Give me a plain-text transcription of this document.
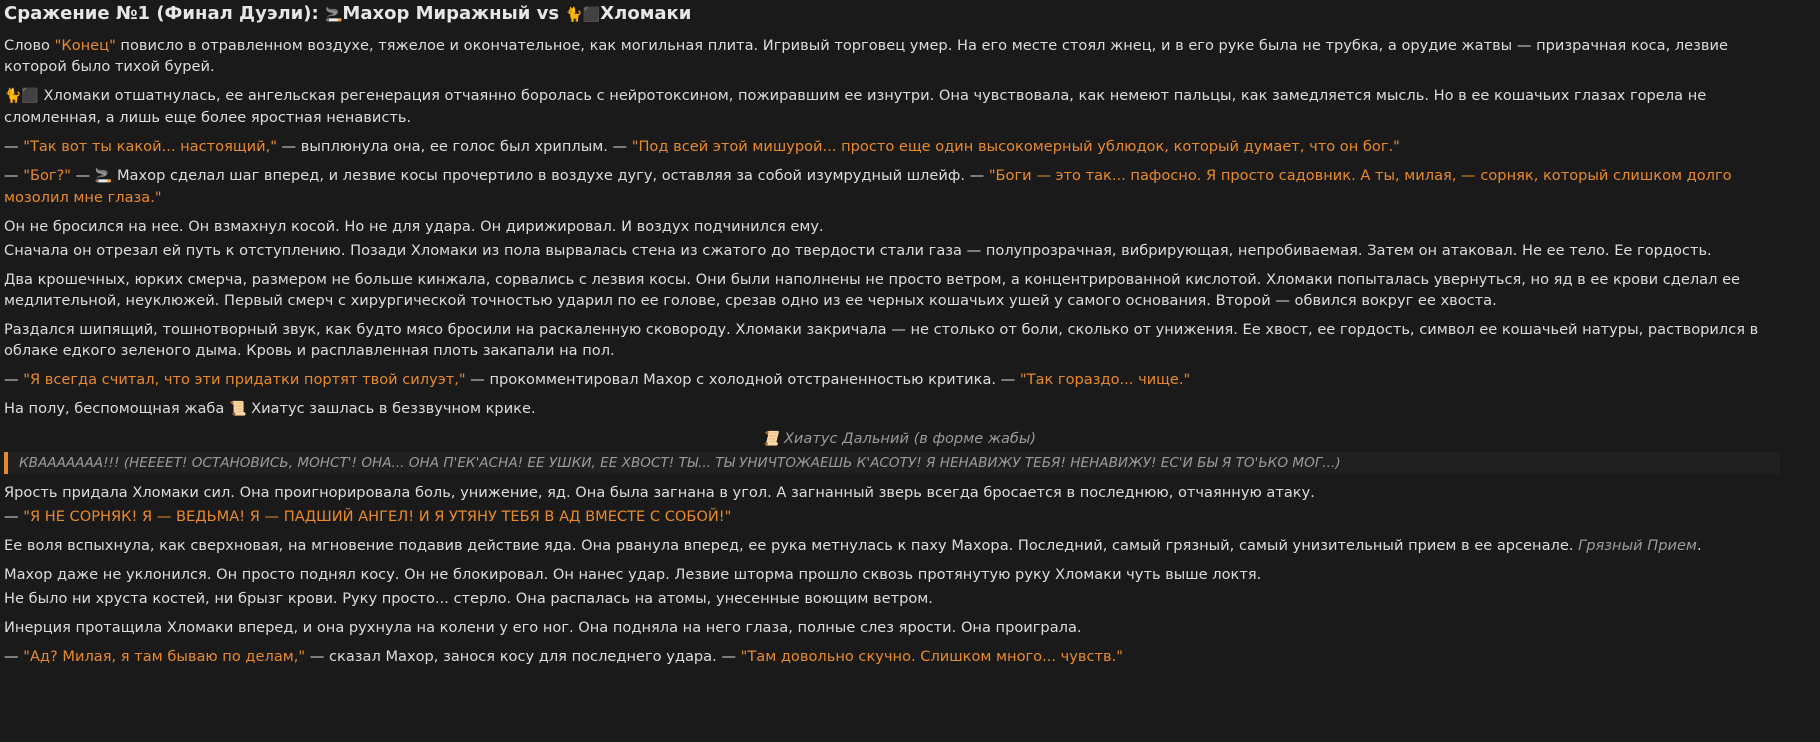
Сражение №1 (Финал Дуэли): 🚬Махор Миражный vs 🐈⬛Хломаки

Слово "Конец" повисло в отравленном воздухе, тяжелое и окончательное, как могильная плита. Игривый торговец умер. На его месте стоял жнец, и в его руке была не трубка, а орудие жатвы — призрачная коса, лезвие которой было тихой бурей.

🐈⬛ Хломаки отшатнулась, ее ангельская регенерация отчаянно боролась с нейротоксином, пожиравшим ее изнутри. Она чувствовала, как немеют пальцы, как замедляется мысль. Но в ее кошачьих глазах горела не сломленная, а лишь еще более яростная ненависть.

— "Так вот ты какой... настоящий," — выплюнула она, ее голос был хриплым. — "Под всей этой мишурой... просто еще один высокомерный ублюдок, который думает, что он бог."

— "Бог?" — 🚬 Махор сделал шаг вперед, и лезвие косы прочертило в воздухе дугу, оставляя за собой изумрудный шлейф. — "Боги — это так... пафосно. Я просто садовник. А ты, милая, — сорняк, который слишком долго мозолил мне глаза."

Он не бросился на нее. Он взмахнул косой. Но не для удара. Он дирижировал. И воздух подчинился ему.

Сначала он отрезал ей путь к отступлению. Позади Хломаки из пола вырвалась стена из сжатого до твердости стали газа — полупрозрачная, вибрирующая, непробиваемая. Затем он атаковал. Не ее тело. Ее гордость.

Два крошечных, юрких смерча, размером не больше кинжала, сорвались с лезвия косы. Они были наполнены не просто ветром, а концентрированной кислотой. Хломаки попыталась увернуться, но яд в ее крови сделал ее медлительной, неуклюжей. Первый смерч с хирургической точностью ударил по ее голове, срезав одно из ее черных кошачьих ушей у самого основания. Второй — обвился вокруг ее хвоста.

Раздался шипящий, тошнотворный звук, как будто мясо бросили на раскаленную сковороду. Хломаки закричала — не столько от боли, сколько от унижения. Ее хвост, ее гордость, символ ее кошачьей натуры, растворился в облаке едкого зеленого дыма. Кровь и расплавленная плоть закапали на пол.

— "Я всегда считал, что эти придатки портят твой силуэт," — прокомментировал Махор с холодной отстраненностью критика. — "Так гораздо... чище."

На полу, беспомощная жаба 📜 Хиатус зашлась в беззвучном крике.

📜 Хиатус Дальний (в форме жабы)
КВААААААА!!! (НЕЕЕЕТ! ОСТАНОВИСЬ, МОНСТ'! ОНА... ОНА П'ЕК'АСНА! ЕЕ УШКИ, ЕЕ ХВОСТ! ТЫ... ТЫ УНИЧТОЖАЕШЬ К'АСОТУ! Я НЕНАВИЖУ ТЕБЯ! НЕНАВИЖУ! ЕС'И БЫ Я ТО'ЬКО МОГ...)

Ярость придала Хломаки сил. Она проигнорировала боль, унижение, яд. Она была загнана в угол. А загнанный зверь всегда бросается в последнюю, отчаянную атаку.

— "Я НЕ СОРНЯК! Я — ВЕДЬМА! Я — ПАДШИЙ АНГЕЛ! И Я УТЯНУ ТЕБЯ В АД ВМЕСТЕ С СОБОЙ!"

Ее воля вспыхнула, как сверхновая, на мгновение подавив действие яда. Она рванула вперед, ее рука метнулась к паху Махора. Последний, самый грязный, самый унизительный прием в ее арсенале. Грязный Прием.

Махор даже не уклонился. Он просто поднял косу. Он не блокировал. Он нанес удар. Лезвие шторма прошло сквозь протянутую руку Хломаки чуть выше локтя.

Не было ни хруста костей, ни брызг крови. Руку просто... стерло. Она распалась на атомы, унесенные воющим ветром.

Инерция протащила Хломаки вперед, и она рухнула на колени у его ног. Она подняла на него глаза, полные слез ярости. Она проиграла.

— "Ад? Милая, я там бываю по делам," — сказал Махор, занося косу для последнего удара. — "Там довольно скучно. Слишком много... чувств."
